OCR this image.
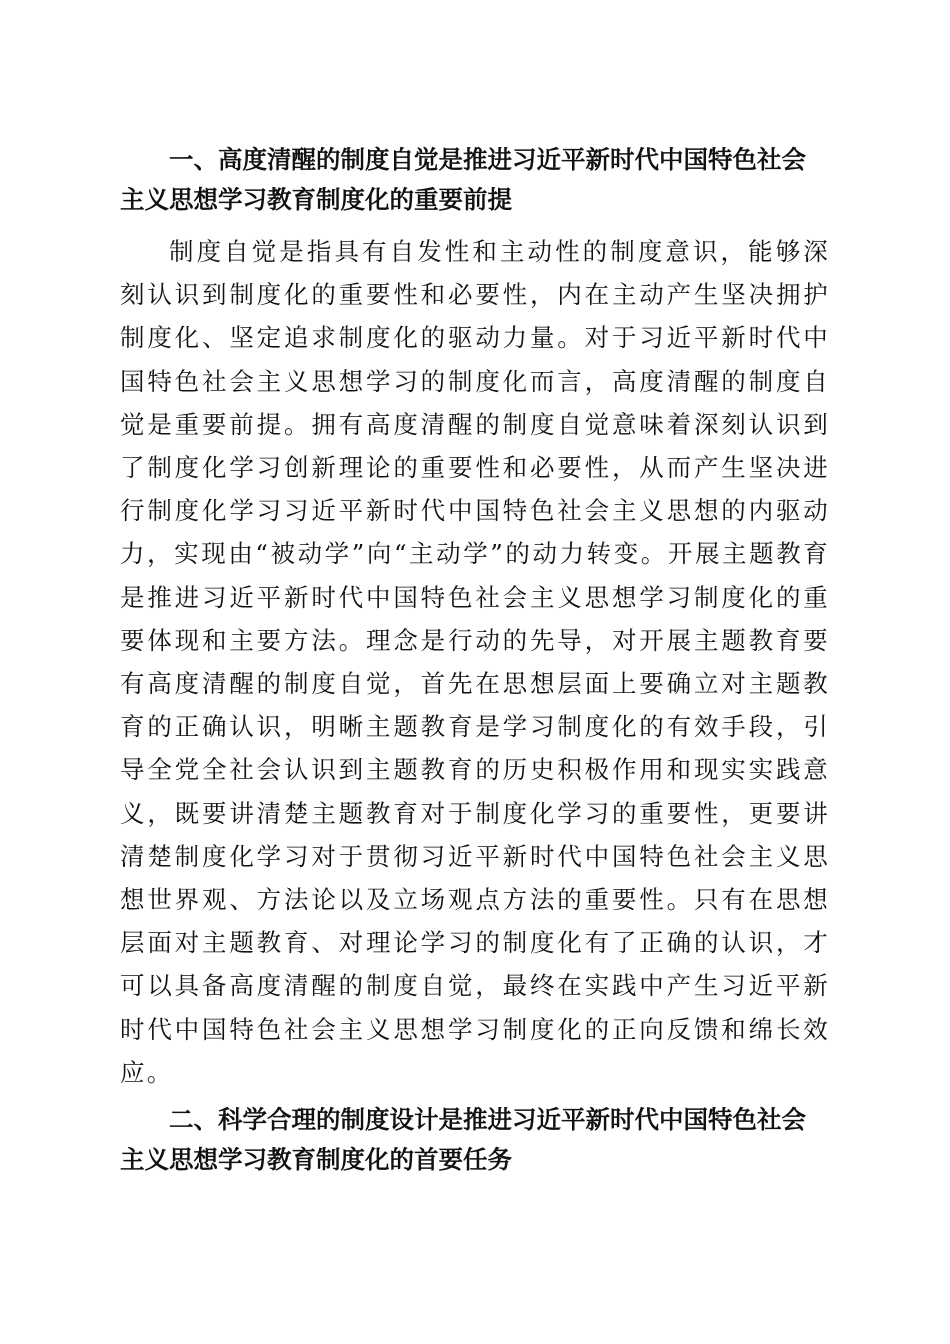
一、高度清醒的制度自觉是推进习近平新时代中国特色社会主义思想学习教育制度化的重要前提

制度自觉是指具有自发性和主动性的制度意识，能够深刻认识到制度化的重要性和必要性，内在主动产生坚决拥护制度化、坚定追求制度化的驱动力量。对于习近平新时代中国特色社会主义思想学习的制度化而言，高度清醒的制度自觉是重要前提。拥有高度清醒的制度自觉意味着深刻认识到了制度化学习创新理论的重要性和必要性，从而产生坚决进行制度化学习习近平新时代中国特色社会主义思想的内驱动力，实现由“被动学”向“主动学”的动力转变。开展主题教育是推进习近平新时代中国特色社会主义思想学习制度化的重要体现和主要方法。理念是行动的先导，对开展主题教育要有高度清醒的制度自觉，首先在思想层面上要确立对主题教育的正确认识，明晰主题教育是学习制度化的有效手段，引导全党全社会认识到主题教育的历史积极作用和现实实践意义，既要讲清楚主题教育对于制度化学习的重要性，更要讲清楚制度化学习对于贯彻习近平新时代中国特色社会主义思想世界观、方法论以及立场观点方法的重要性。只有在思想层面对主题教育、对理论学习的制度化有了正确的认识，才可以具备高度清醒的制度自觉，最终在实践中产生习近平新时代中国特色社会主义思想学习制度化的正向反馈和绵长效应。

二、科学合理的制度设计是推进习近平新时代中国特色社会主义思想学习教育制度化的首要任务
